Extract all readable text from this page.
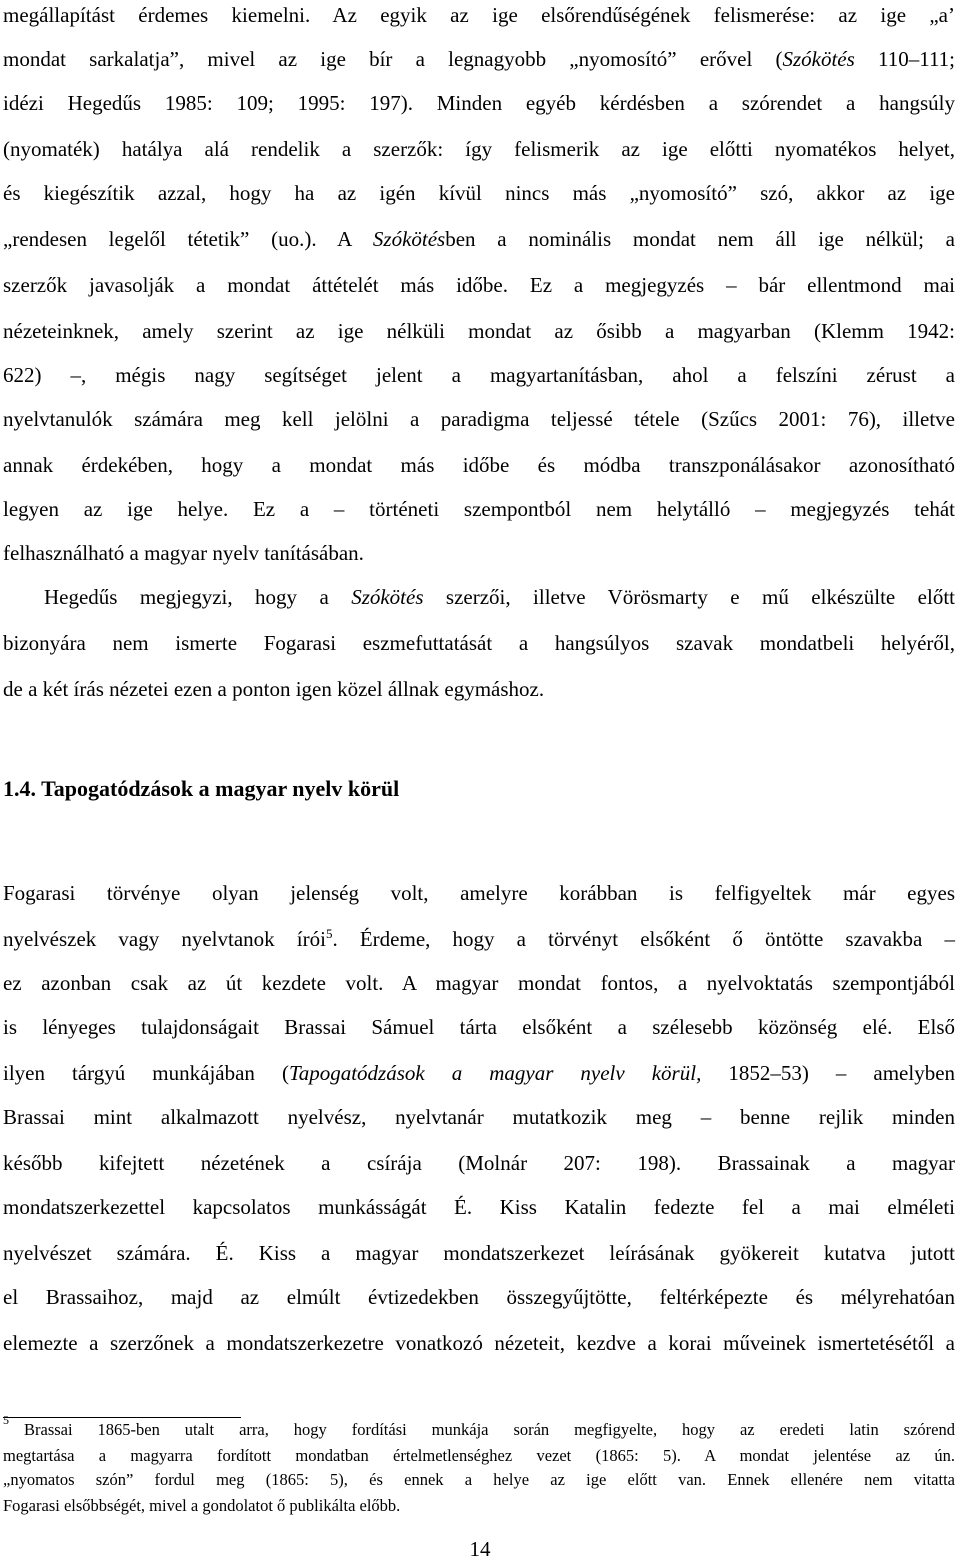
megállapítást érdemes kiemelni. Az egyik az ige elsőrendűségének felismerése: az ige „a’
mondat sarkalatja”, mivel az ige bír a legnagyobb „nyomosító” erővel (Szókötés 110–111;
idézi Hegedűs 1985: 109; 1995: 197). Minden egyéb kérdésben a szórendet a hangsúly
(nyomaték) hatálya alá rendelik a szerzők: így felismerik az ige előtti nyomatékos helyet,
és kiegészítik azzal, hogy ha az igén kívül nincs más „nyomosító” szó, akkor az ige
„rendesen legelől tétetik” (uo.). A Szókötésben a nominális mondat nem áll ige nélkül; a
szerzők javasolják a mondat áttételét más időbe. Ez a megjegyzés – bár ellentmond mai
nézeteinknek, amely szerint az ige nélküli mondat az ősibb a magyarban (Klemm 1942:
622) –, mégis nagy segítséget jelent a magyartanításban, ahol a felszíni zérust a
nyelvtanulók számára meg kell jelölni a paradigma teljessé tétele (Szűcs 2001: 76), illetve
annak érdekében, hogy a mondat más időbe és módba transzponálásakor azonosítható
legyen az ige helye. Ez a – történeti szempontból nem helytálló – megjegyzés tehát
felhasználható a magyar nyelv tanításában.
Hegedűs megjegyzi, hogy a Szókötés szerzői, illetve Vörösmarty e mű elkészülte előtt
bizonyára nem ismerte Fogarasi eszmefuttatását a hangsúlyos szavak mondatbeli helyéről,
de a két írás nézetei ezen a ponton igen közel állnak egymáshoz.
1.4. Tapogatódzások a magyar nyelv körül
Fogarasi törvénye olyan jelenség volt, amelyre korábban is felfigyeltek már egyes
nyelvészek vagy nyelvtanok írói$^5$. Érdeme, hogy a törvényt elsőként ő öntötte szavakba –
ez azonban csak az út kezdete volt. A magyar mondat fontos, a nyelvoktatás szempontjából
is lényeges tulajdonságait Brassai Sámuel tárta elsőként a szélesebb közönség elé. Első
ilyen tárgyú munkájában (Tapogatódzások a magyar nyelv körül, 1852–53) – amelyben
Brassai mint alkalmazott nyelvész, nyelvtanár mutatkozik meg – benne rejlik minden
később kifejtett nézetének a csírája (Molnár 207: 198). Brassainak a magyar
mondatszerkezettel kapcsolatos munkásságát É. Kiss Katalin fedezte fel a mai elméleti
nyelvészet számára. É. Kiss a magyar mondatszerkezet leírásának gyökereit kutatva jutott
el Brassaihoz, majd az elmúlt évtizedekben összegyűjtötte, feltérképezte és mélyrehatóan
elemezte a szerzőnek a mondatszerkezetre vonatkozó nézeteit, kezdve a korai műveinek ismertetésétől a
5 Brassai 1865-ben utalt arra, hogy fordítási munkája során megfigyelte, hogy az eredeti latin szórend
megtartása a magyarra fordított mondatban értelmetlenséghez vezet (1865: 5). A mondat jelentése az ún.
„nyomatos szón” fordul meg (1865: 5), és ennek a helye az ige előtt van. Ennek ellenére nem vitatta
Fogarasi elsőbbségét, mivel a gondolatot ő publikálta előbb.
14
